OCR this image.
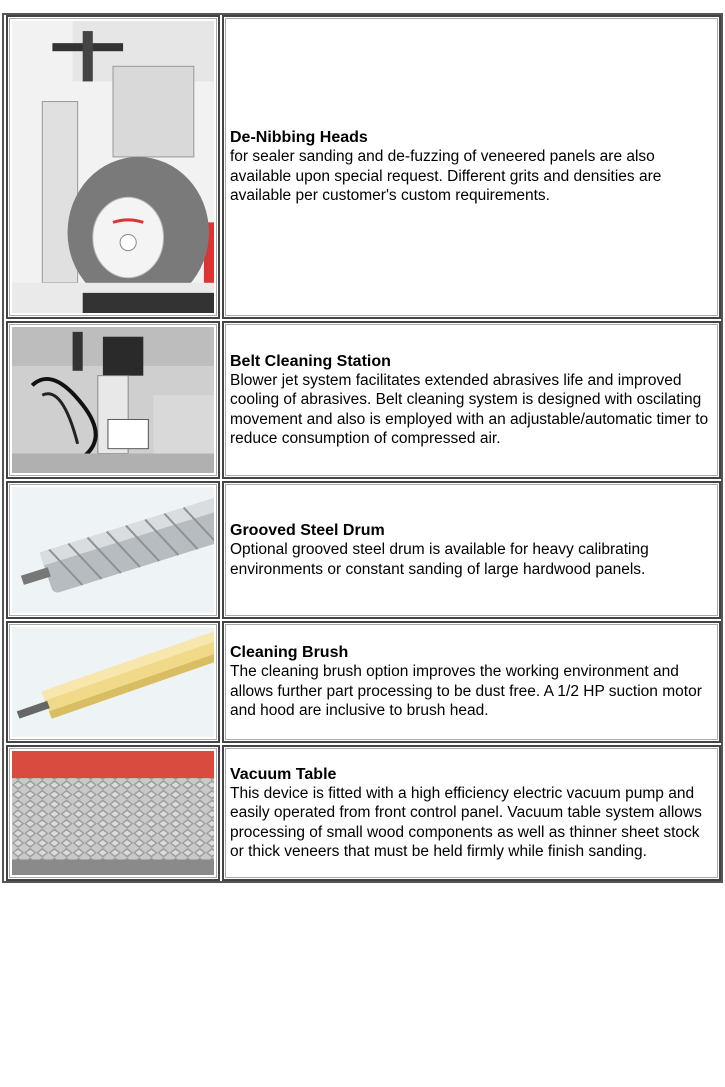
De-Nibbing Heads
for sealer sanding and de-fuzzing of veneered panels are also available upon special request. Different grits and densities are available per customer's custom requirements.
Belt Cleaning Station
Blower jet system facilitates extended abrasives life and improved cooling of abrasives. Belt cleaning system is designed with oscilating movement and also is employed with an adjustable/automatic timer to reduce consumption of compressed air.
Grooved Steel Drum
Optional grooved steel drum is available for heavy calibrating environments or constant sanding of large hardwood panels.
Cleaning Brush
The cleaning brush option improves the working environment and allows further part processing to be dust free. A 1/2 HP suction motor and hood are inclusive to brush head.
Vacuum Table
This device is fitted with a high efficiency electric vacuum pump and easily operated from front control panel. Vacuum table system allows processing of small wood components as well as thinner sheet stock or thick veneers that must be held firmly while finish sanding.
